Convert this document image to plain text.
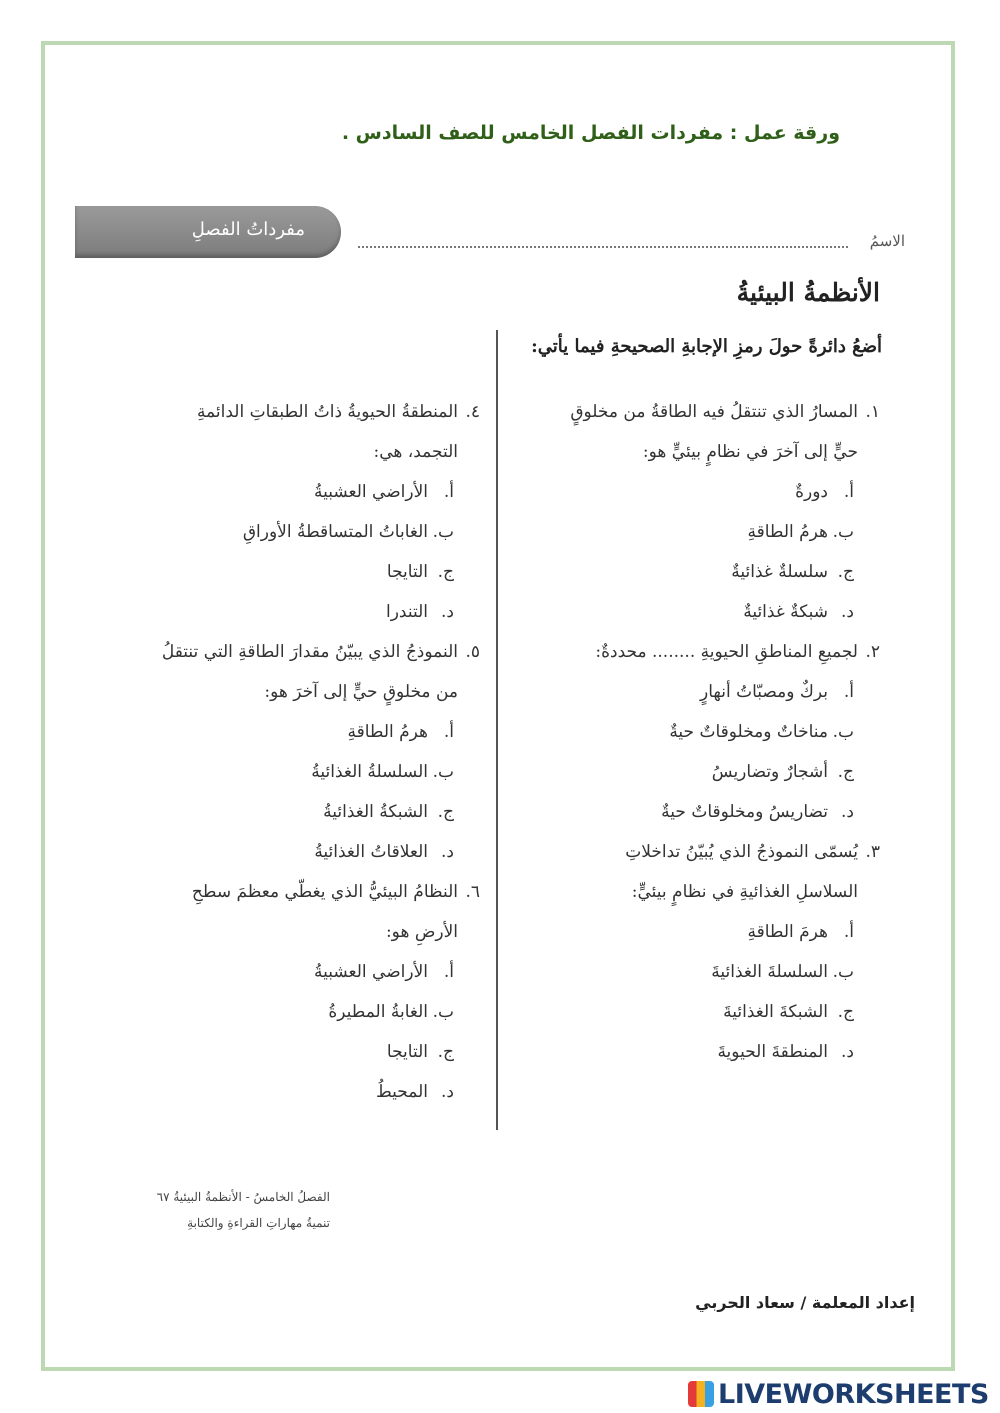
ورقة عمل : مفردات الفصل الخامس للصف السادس .
مفرداتُ الفصلِ
الاسمُ
الأنظمةُ البيئيةُ
أضعُ دائرةً حولَ رمزِ الإجابةِ الصحيحةِ فيما يأتي:
١.المسارُ الذي تنتقلُ فيه الطاقةُ من مخلوقٍ
حيٍّ إلى آخرَ في نظامٍ بيئيٍّ هو:
أ.دورةٌ
ب.هرمُ الطاقةِ
ج.سلسلةٌ غذائيةٌ
د.شبكةٌ غذائيةٌ
٢.لجميعِ المناطقِ الحيويةِ ........ محددةٌ:
أ.بركٌ ومصبّاتُ أنهارٍ
ب.مناخاتٌ ومخلوقاتٌ حيةٌ
ج.أشجارٌ وتضاريسُ
د.تضاريسُ ومخلوقاتٌ حيةٌ
٣.يُسمّى النموذجُ الذي يُبيّنُ تداخلاتِ
السلاسلِ الغذائيةِ في نظامٍ بيئيٍّ:
أ.هرمَ الطاقةِ
ب.السلسلةَ الغذائيةَ
ج.الشبكةَ الغذائيةَ
د.المنطقةَ الحيويةَ
٤.المنطقةُ الحيويةُ ذاتُ الطبقاتِ الدائمةِ
التجمد، هي:
أ.الأراضي العشبيةُ
ب.الغاباتُ المتساقطةُ الأوراقِ
ج.التايجا
د.التندرا
٥.النموذجُ الذي يبيّنُ مقدارَ الطاقةِ التي تنتقلُ
من مخلوقٍ حيٍّ إلى آخرَ هو:
أ.هرمُ الطاقةِ
ب.السلسلةُ الغذائيةُ
ج.الشبكةُ الغذائيةُ
د.العلاقاتُ الغذائيةُ
٦.النظامُ البيئيُّ الذي يغطّي معظمَ سطحِ
الأرضِ هو:
أ.الأراضي العشبيةُ
ب.الغابةُ المطيرةُ
ج.التايجا
د.المحيطُ
الفصلُ الخامسُ - الأنظمةُ البيئيةُ ٦٧
تنميةُ مهاراتِ القراءةِ والكتابةِ
إعداد المعلمة / سعاد الحربي
LIVEWORKSHEETS
